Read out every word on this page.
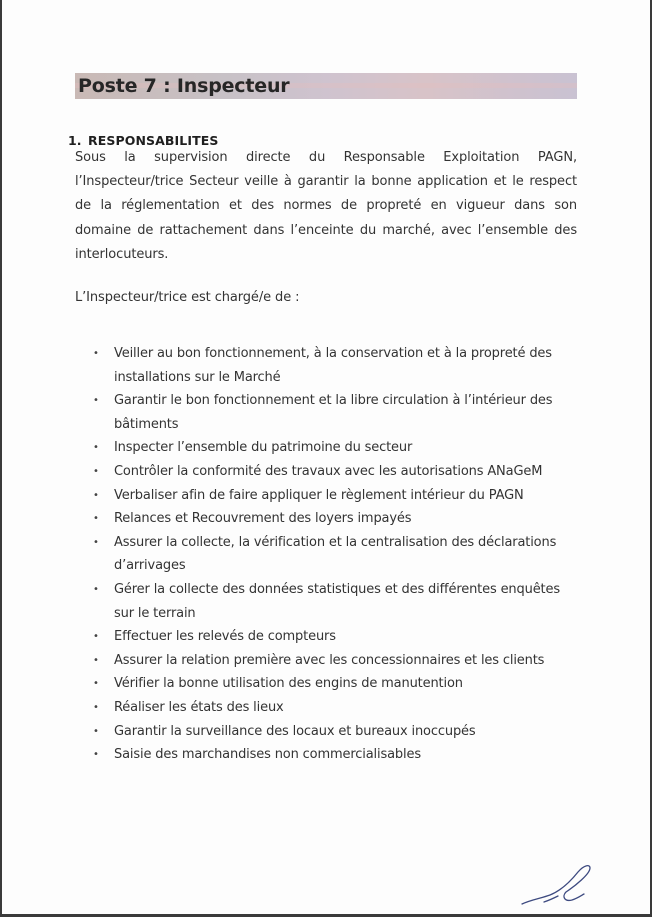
Poste 7 : Inspecteur
1. RESPONSABILITES

Sous la supervision directe du Responsable Exploitation PAGN, l’Inspecteur/trice Secteur veille à garantir la bonne application et le respect de la réglementation et des normes de propreté en vigueur dans son domaine de rattachement dans l’enceinte du marché, avec l’ensemble des interlocuteurs.

L’Inspecteur/trice est chargé/e de :
• Veiller au bon fonctionnement, à la conservation et à la propreté des installations sur le Marché
• Garantir le bon fonctionnement et la libre circulation à l’intérieur des bâtiments
• Inspecter l’ensemble du patrimoine du secteur
• Contrôler la conformité des travaux avec les autorisations ANaGeM
• Verbaliser afin de faire appliquer le règlement intérieur du PAGN
• Relances et Recouvrement des loyers impayés
• Assurer la collecte, la vérification et la centralisation des déclarations d’arrivages
• Gérer la collecte des données statistiques et des différentes enquêtes sur le terrain
• Effectuer les relevés de compteurs
• Assurer la relation première avec les concessionnaires et les clients
• Vérifier la bonne utilisation des engins de manutention
• Réaliser les états des lieux
• Garantir la surveillance des locaux et bureaux inoccupés
• Saisie des marchandises non commercialisables
